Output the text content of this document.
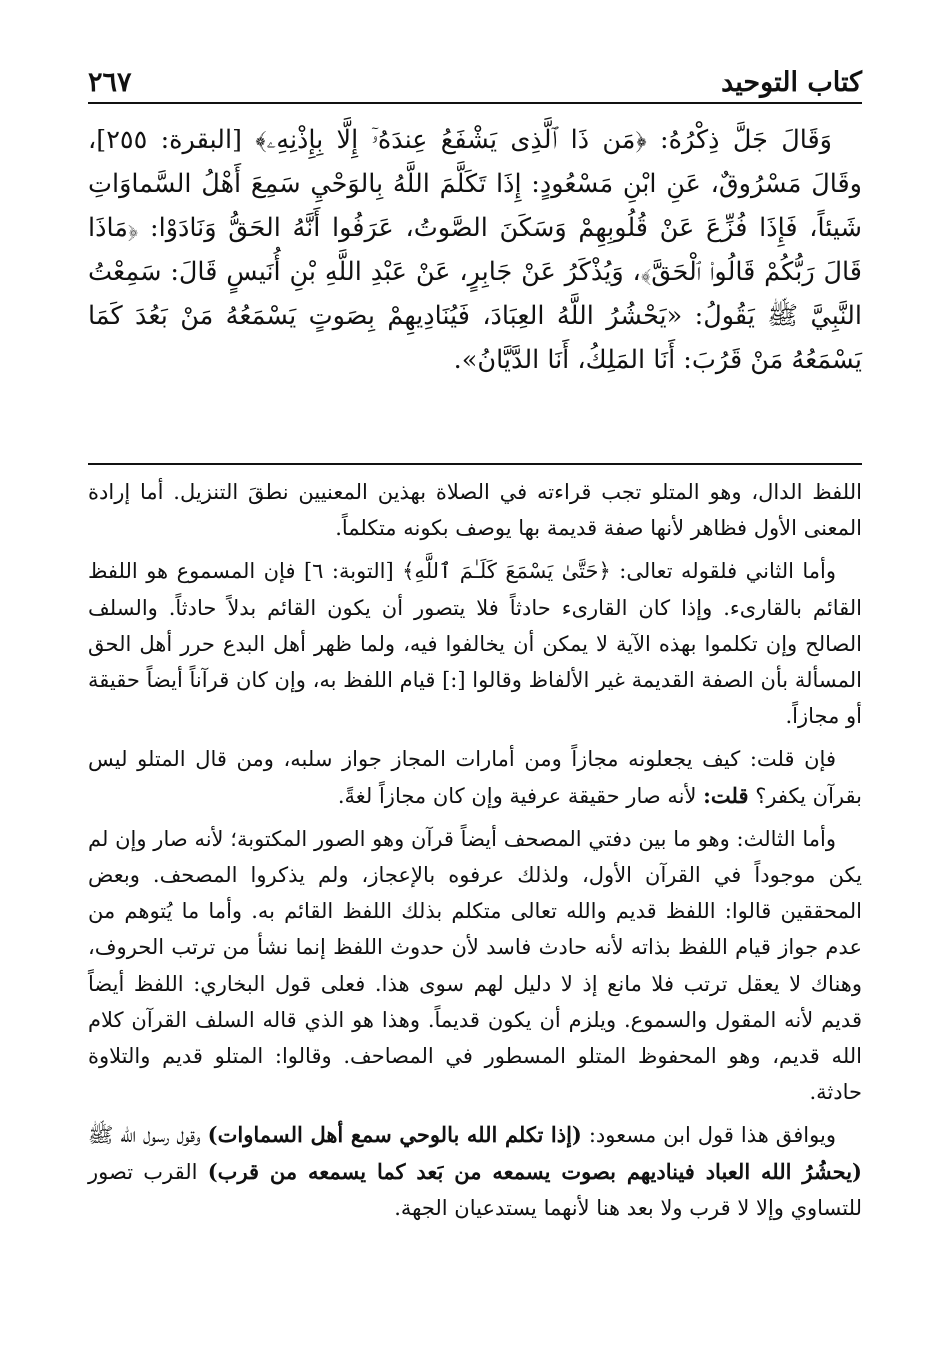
٢٦٧	كتاب التوحيد

وَقَالَ جَلَّ ذِكْرُهُ: ﴿مَن ذَا ٱلَّذِى يَشْفَعُ عِندَهُۥٓ إِلَّا بِإِذْنِهِۦ﴾ [البقرة: ٢٥٥]، وقَالَ مَسْرُوقٌ، عَنِ ابْنِ مَسْعُودٍ: إِذَا تَكَلَّمَ اللَّهُ بِالوَحْيِ سَمِعَ أَهْلُ السَّماوَاتِ شَيئاً، فَإِذَا فُزِّعَ عَنْ قُلُوبِهِمْ وَسَكَنَ الصَّوتُ، عَرَفُوا أَنَّهُ الحَقُّ وَنَادَوْا: ﴿مَاذَا قَالَ رَبُّكُمْ قَالُوا۟ ٱلْحَقَّ﴾، وَيُذْكَرُ عَنْ جَابِرٍ، عَنْ عَبْدِ اللَّهِ بْنِ أُنَيسٍ قَالَ: سَمِعْتُ النَّبِيَّ ﷺ يَقُولُ: «يَحْشُرُ اللَّهُ العِبَادَ، فَيُنَادِيهِمْ بِصَوتٍ يَسْمَعُهُ مَنْ بَعُدَ كَمَا يَسْمَعُهُ مَنْ قَرُبَ: أَنَا المَلِكُ، أَنَا الدَّيَّانُ».

اللفظ الدال، وهو المتلو تجب قراءته في الصلاة بهذين المعنيين نطقَ التنزيل. أما إرادة المعنى الأول فظاهر لأنها صفة قديمة بها يوصف بكونه متكلماً.

وأما الثاني فلقوله تعالى: ﴿حَتَّىٰ يَسْمَعَ كَلَـٰمَ ٱللَّهِ﴾ [التوبة: ٦] فإن المسموع هو اللفظ القائم بالقارىء. وإذا كان القارىء حادثاً فلا يتصور أن يكون القائم بدلاً حادثاً. والسلف الصالح وإن تكلموا بهذه الآية لا يمكن أن يخالفوا فيه، ولما ظهر أهل البدع حرر أهل الحق المسألة بأن الصفة القديمة غير الألفاظ وقالوا [:] قيام اللفظ به، وإن كان قرآناً أيضاً حقيقة أو مجازاً.

فإن قلت: كيف يجعلونه مجازاً ومن أمارات المجاز جواز سلبه، ومن قال المتلو ليس بقرآن يكفر؟ قلت: لأنه صار حقيقة عرفية وإن كان مجازاً لغةً.

وأما الثالث: وهو ما بين دفتي المصحف أيضاً قرآن وهو الصور المكتوبة؛ لأنه صار وإن لم يكن موجوداً في القرآن الأول، ولذلك عرفوه بالإعجاز، ولم يذكروا المصحف. وبعض المحققين قالوا: اللفظ قديم والله تعالى متكلم بذلك اللفظ القائم به. وأما ما يُتوهم من عدم جواز قيام اللفظ بذاته لأنه حادث فاسد لأن حدوث اللفظ إنما نشأ من ترتب الحروف، وهناك لا يعقل ترتب فلا مانع إذ لا دليل لهم سوى هذا. فعلى قول البخاري: اللفظ أيضاً قديم لأنه المقول والسموع. ويلزم أن يكون قديماً. وهذا هو الذي قاله السلف القرآن كلام الله قديم، وهو المحفوظ المتلو المسطور في المصاحف. وقالوا: المتلو قديم والتلاوة حادثة.

ويوافق هذا قول ابن مسعود: (إذا تكلم الله بالوحي سمع أهل السماوات) وقول رسول الله ﷺ (يحشُرُ الله العباد فيناديهم بصوت يسمعه من بَعد كما يسمعه من قرب) القرب تصور للتساوي وإلا لا قرب ولا بعد هنا لأنهما يستدعيان الجهة.
